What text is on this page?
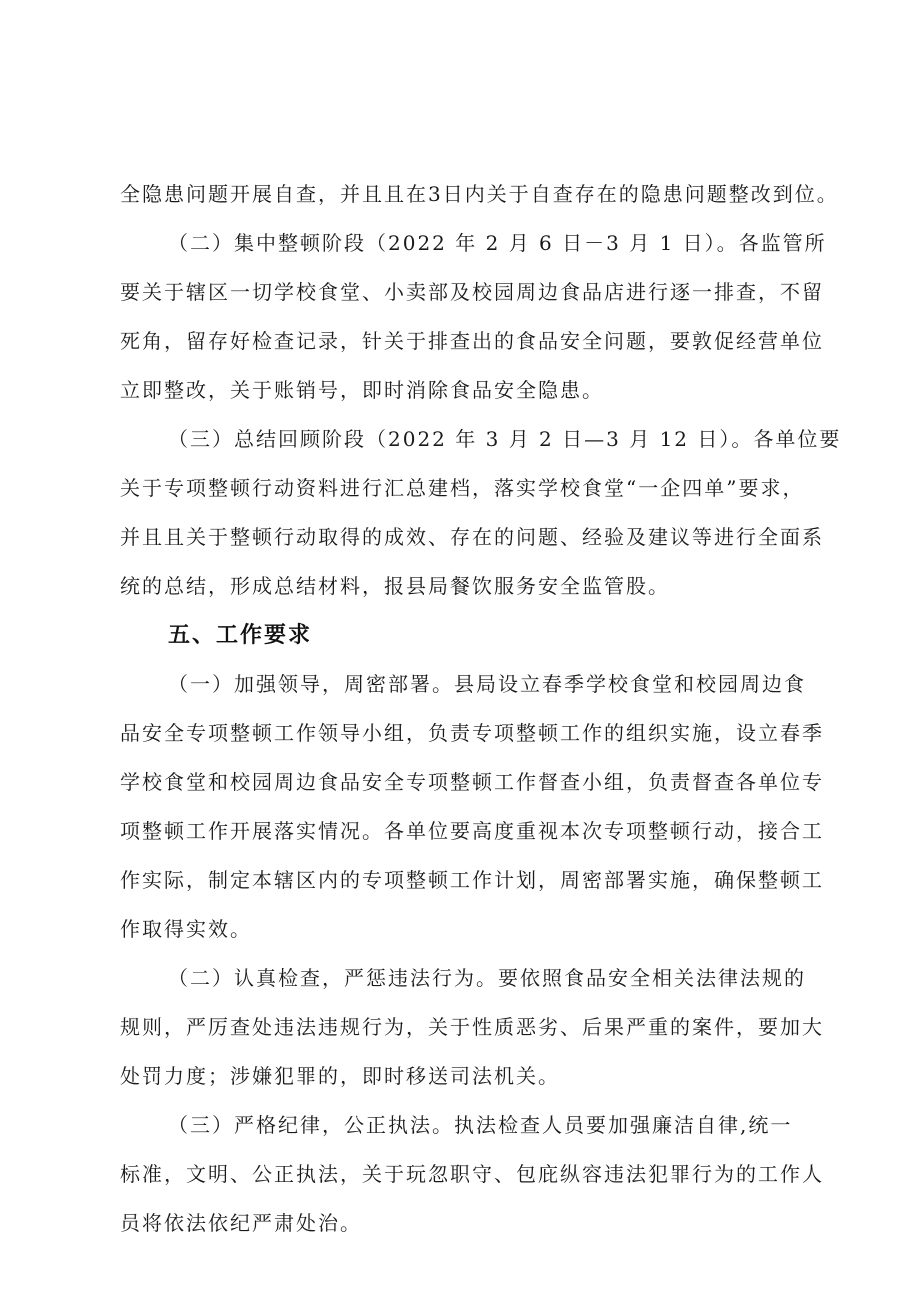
全隐患问题开展自查，并且且在3日内关于自查存在的隐患问题整改到位。

（二）集中整顿阶段（2022 年 2 月 6 日－3 月 1 日）。各监管所

要关于辖区一切学校食堂、小卖部及校园周边食品店进行逐一排查，不留

死角，留存好检查记录，针关于排查出的食品安全问题，要敦促经营单位

立即整改，关于账销号，即时消除食品安全隐患。

（三）总结回顾阶段（2022 年 3 月 2 日—3 月 12 日）。各单位要

关于专项整顿行动资料进行汇总建档，落实学校食堂“一企四单”要求，

并且且关于整顿行动取得的成效、存在的问题、经验及建议等进行全面系

统的总结，形成总结材料，报县局餐饮服务安全监管股。

五、工作要求

（一）加强领导，周密部署。县局设立春季学校食堂和校园周边食

品安全专项整顿工作领导小组，负责专项整顿工作的组织实施，设立春季

学校食堂和校园周边食品安全专项整顿工作督查小组，负责督查各单位专

项整顿工作开展落实情况。各单位要高度重视本次专项整顿行动，接合工

作实际，制定本辖区内的专项整顿工作计划，周密部署实施，确保整顿工

作取得实效。

（二）认真检查，严惩违法行为。要依照食品安全相关法律法规的

规则，严厉查处违法违规行为，关于性质恶劣、后果严重的案件，要加大

处罚力度；涉嫌犯罪的，即时移送司法机关。

（三）严格纪律，公正执法。执法检查人员要加强廉洁自律,统一

标准，文明、公正执法，关于玩忽职守、包庇纵容违法犯罪行为的工作人

员将依法依纪严肃处治。
